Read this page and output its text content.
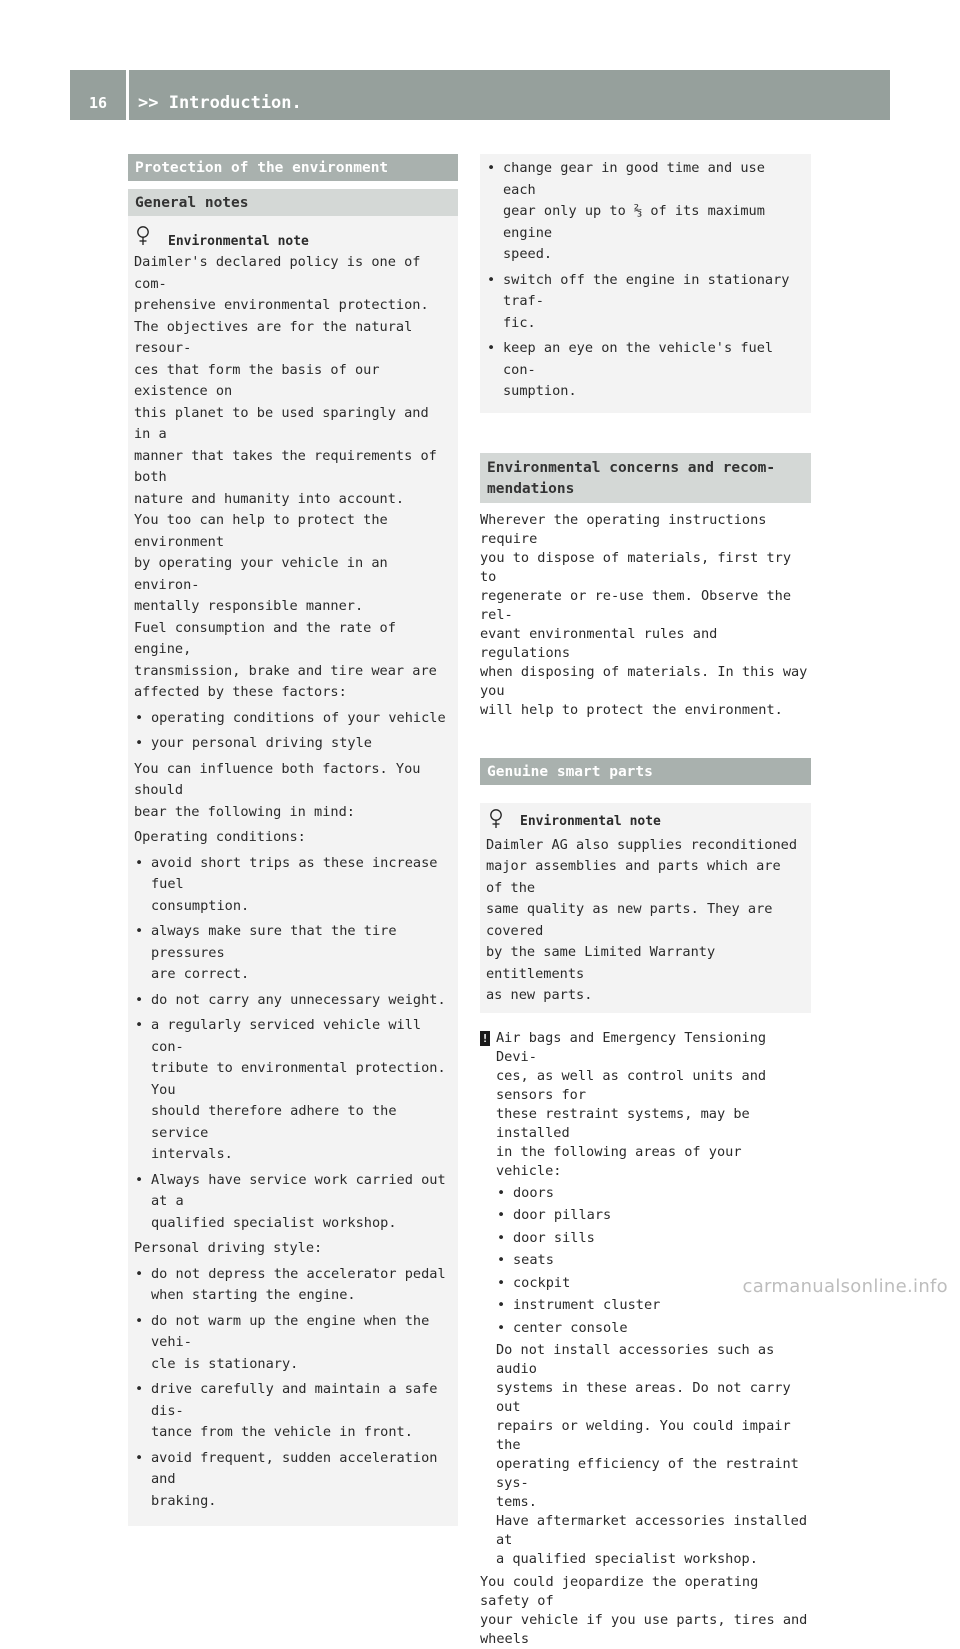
16	>> Introduction.
Protection of the environment
General notes
Environmental note
Daimler's declared policy is one of com-
prehensive environmental protection.
The objectives are for the natural resour-
ces that form the basis of our existence on
this planet to be used sparingly and in a
manner that takes the requirements of both
nature and humanity into account.
You too can help to protect the environment
by operating your vehicle in an environ-
mentally responsible manner.
Fuel consumption and the rate of engine,
transmission, brake and tire wear are
affected by these factors:
• operating conditions of your vehicle
• your personal driving style
You can influence both factors. You should
bear the following in mind:

Operating conditions:

• avoid short trips as these increase fuel
consumption.
• always make sure that the tire pressures
are correct.
• do not carry any unnecessary weight.
• a regularly serviced vehicle will con-
tribute to environmental protection. You
should therefore adhere to the service
intervals.
• Always have service work carried out at a
qualified specialist workshop.

Personal driving style:

• do not depress the accelerator pedal
when starting the engine.
• do not warm up the engine when the vehi-
cle is stationary.
• drive carefully and maintain a safe dis-
tance from the vehicle in front.
• avoid frequent, sudden acceleration and
braking.
• change gear in good time and use each
gear only up to ⅔ of its maximum engine
speed.
• switch off the engine in stationary traf-
fic.
• keep an eye on the vehicle's fuel con-
sumption.
Environmental concerns and recom-
mendations
Wherever the operating instructions require
you to dispose of materials, first try to
regenerate or re-use them. Observe the rel-
evant environmental rules and regulations
when disposing of materials. In this way you
will help to protect the environment.
Genuine smart parts
Environmental note
Daimler AG also supplies reconditioned
major assemblies and parts which are of the
same quality as new parts. They are covered
by the same Limited Warranty entitlements
as new parts.
! Air bags and Emergency Tensioning Devi-
ces, as well as control units and sensors for
these restraint systems, may be installed
in the following areas of your vehicle:
• doors
• door pillars
• door sills
• seats
• cockpit
• instrument cluster
• center console
Do not install accessories such as audio
systems in these areas. Do not carry out
repairs or welding. You could impair the
operating efficiency of the restraint sys-
tems.
Have aftermarket accessories installed at
a qualified specialist workshop.
You could jeopardize the operating safety of
your vehicle if you use parts, tires and wheels
carmanualsonline.info
